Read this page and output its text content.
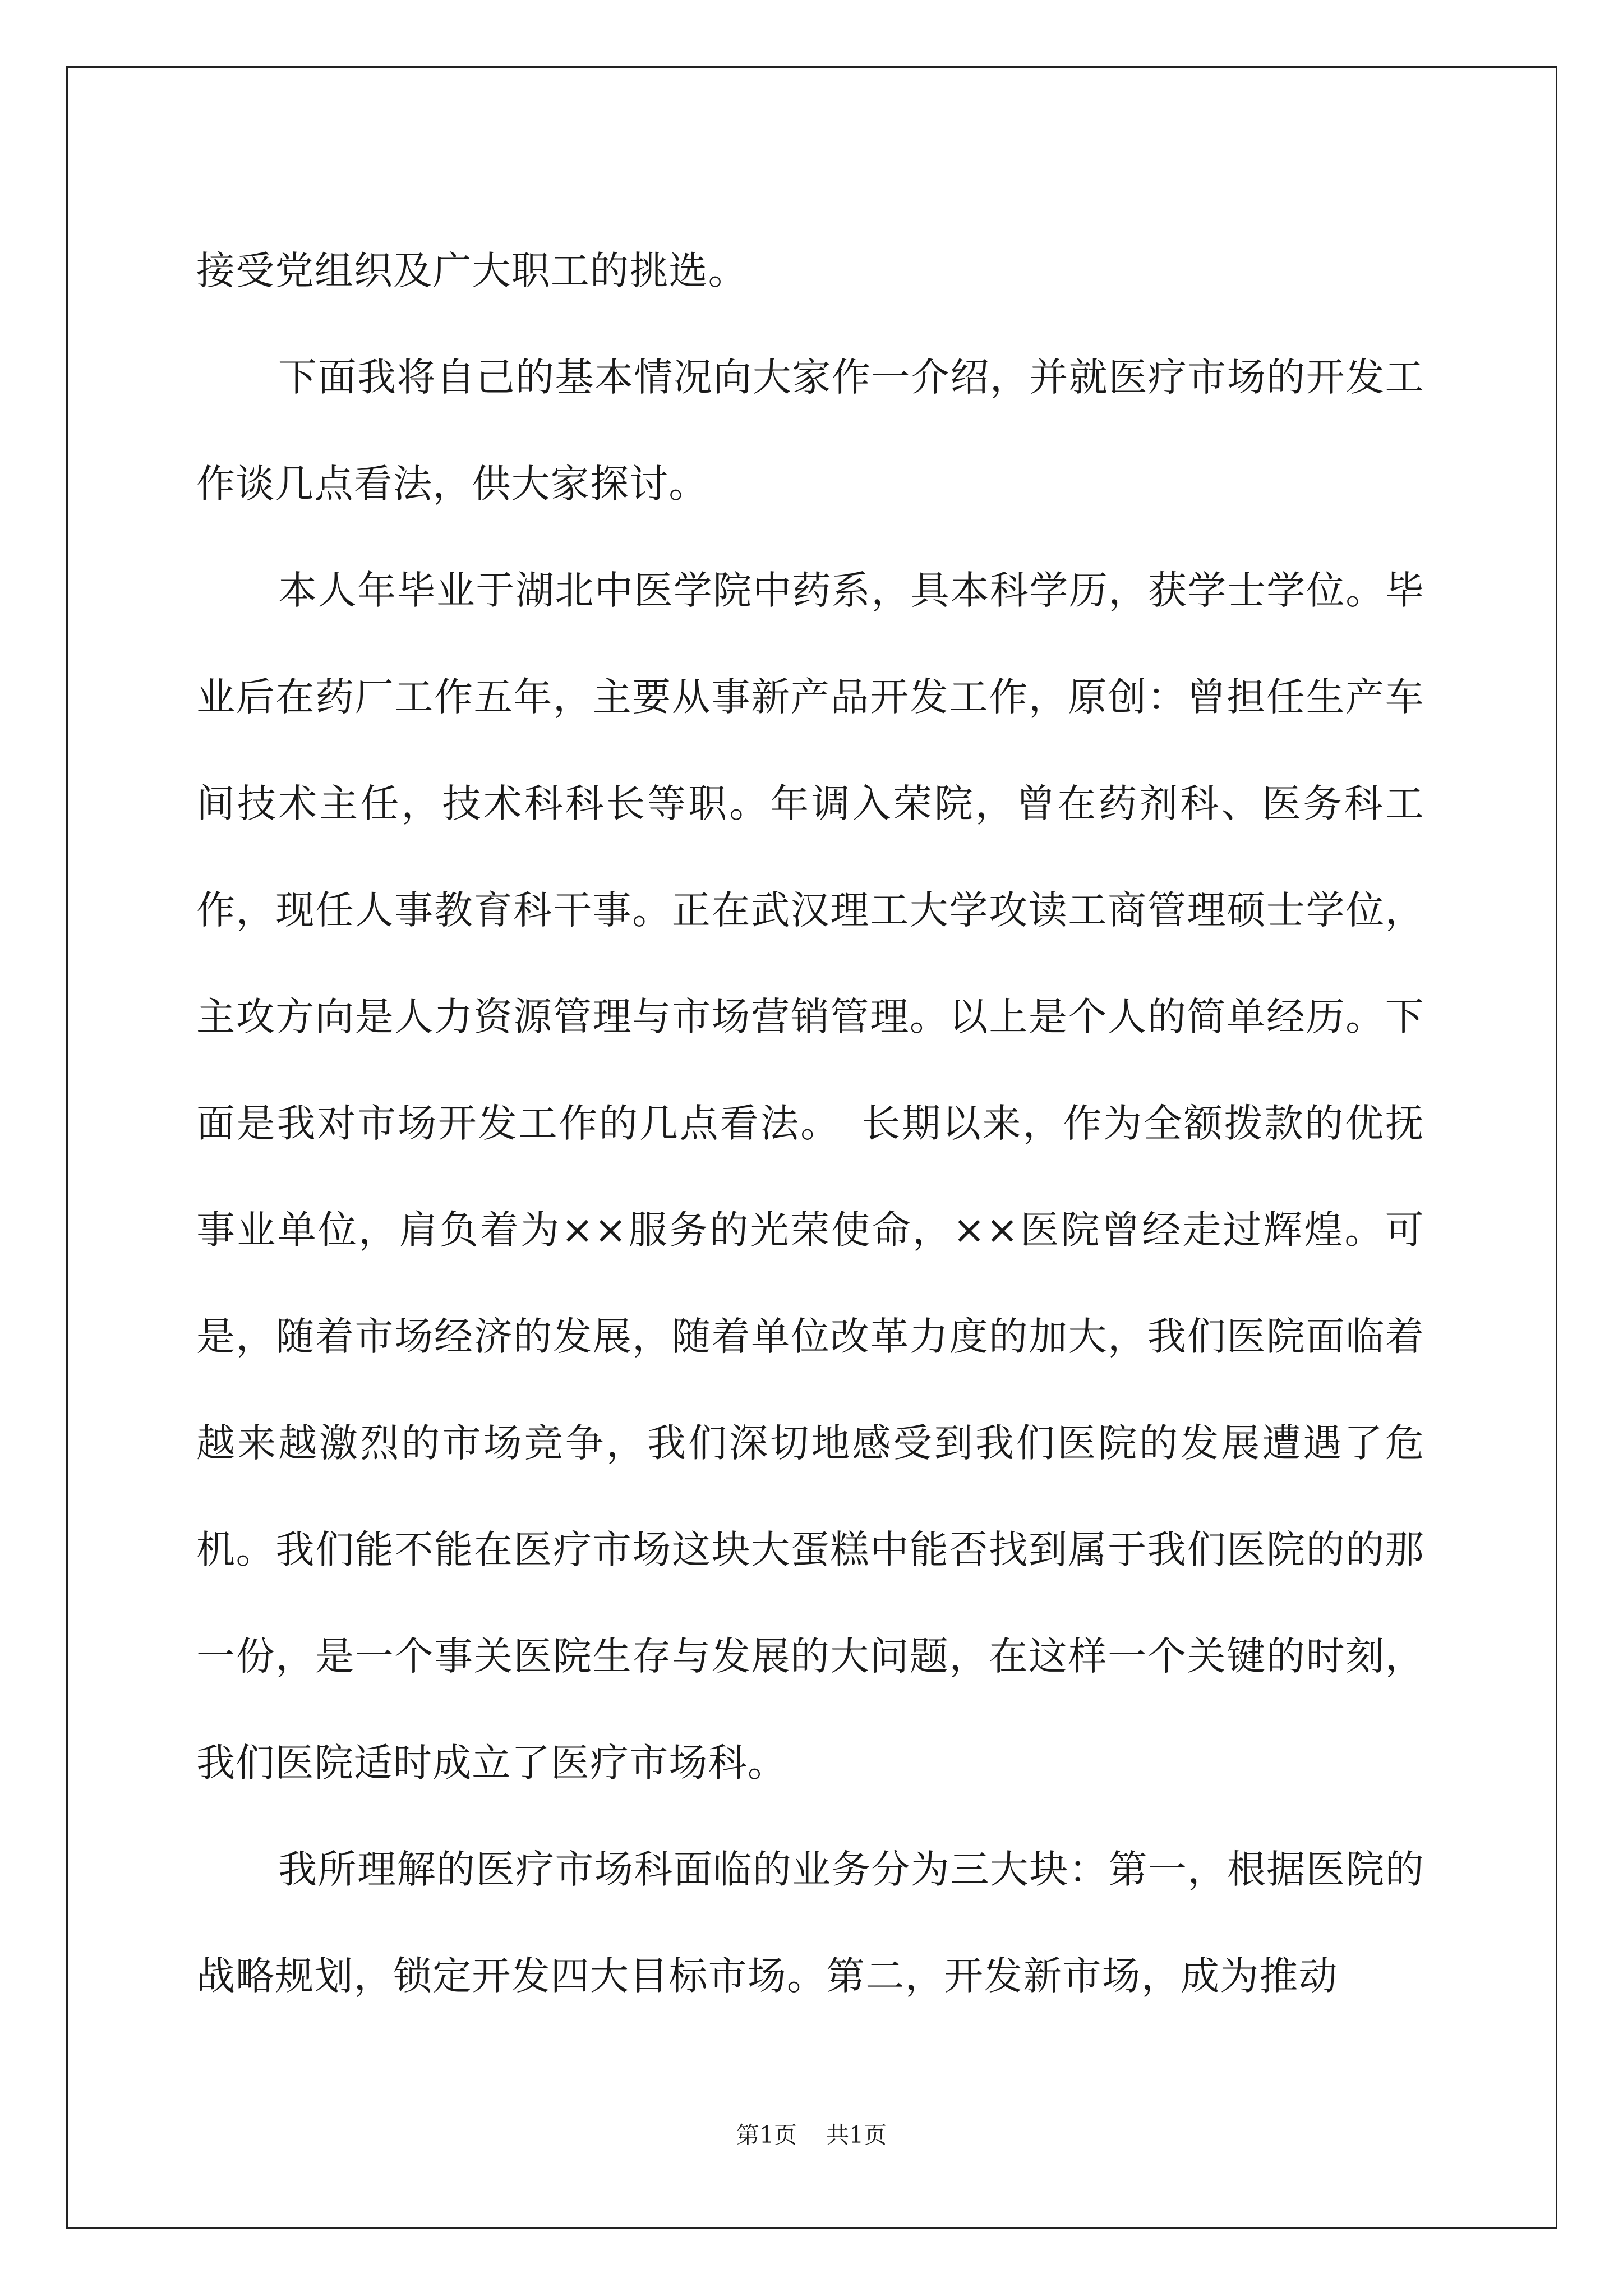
接受党组织及广大职工的挑选。

下面我将自己的基本情况向大家作一介绍，并就医疗市场的开发工作谈几点看法，供大家探讨。

本人年毕业于湖北中医学院中药系，具本科学历，获学士学位。毕业后在药厂工作五年，主要从事新产品开发工作，原创：曾担任生产车间技术主任，技术科科长等职。年调入荣院，曾在药剂科、医务科工作，现任人事教育科干事。正在武汉理工大学攻读工商管理硕士学位，主攻方向是人力资源管理与市场营销管理。以上是个人的简单经历。下面是我对市场开发工作的几点看法。　长期以来，作为全额拨款的优抚事业单位，肩负着为××服务的光荣使命，××医院曾经走过辉煌。可是，随着市场经济的发展，随着单位改革力度的加大，我们医院面临着越来越激烈的市场竞争，我们深切地感受到我们医院的发展遭遇了危机。我们能不能在医疗市场这块大蛋糕中能否找到属于我们医院的的那一份，是一个事关医院生存与发展的大问题，在这样一个关键的时刻，我们医院适时成立了医疗市场科。

我所理解的医疗市场科面临的业务分为三大块：第一，根据医院的战略规划，锁定开发四大目标市场。第二，开发新市场，成为推动

第1页 共1页
